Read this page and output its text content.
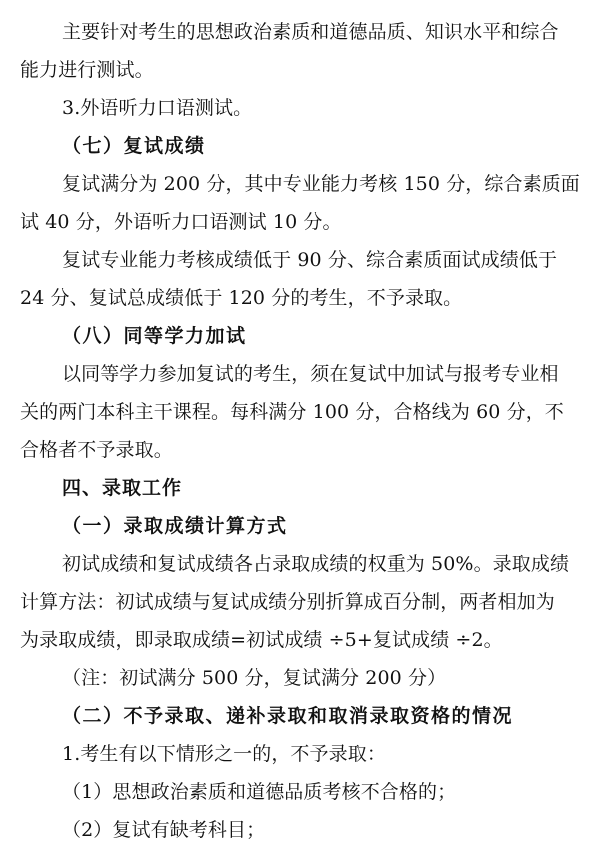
主要针对考生的思想政治素质和道德品质、知识水平和综合
能力进行测试。
3.外语听力口语测试。
（七）复试成绩
复试满分为 200 分，其中专业能力考核 150 分，综合素质面
试 40 分，外语听力口语测试 10 分。
复试专业能力考核成绩低于 90 分、综合素质面试成绩低于
24 分、复试总成绩低于 120 分的考生，不予录取。
（八）同等学力加试
以同等学力参加复试的考生，须在复试中加试与报考专业相
关的两门本科主干课程。每科满分 100 分，合格线为 60 分，不
合格者不予录取。
四、录取工作
（一）录取成绩计算方式
初试成绩和复试成绩各占录取成绩的权重为 50%。录取成绩
计算方法：初试成绩与复试成绩分别折算成百分制，两者相加为
为录取成绩，即录取成绩=初试成绩 ÷5+复试成绩 ÷2。
（注：初试满分 500 分，复试满分 200 分）
（二）不予录取、递补录取和取消录取资格的情况
1.考生有以下情形之一的，不予录取：
（1）思想政治素质和道德品质考核不合格的；
（2）复试有缺考科目；
